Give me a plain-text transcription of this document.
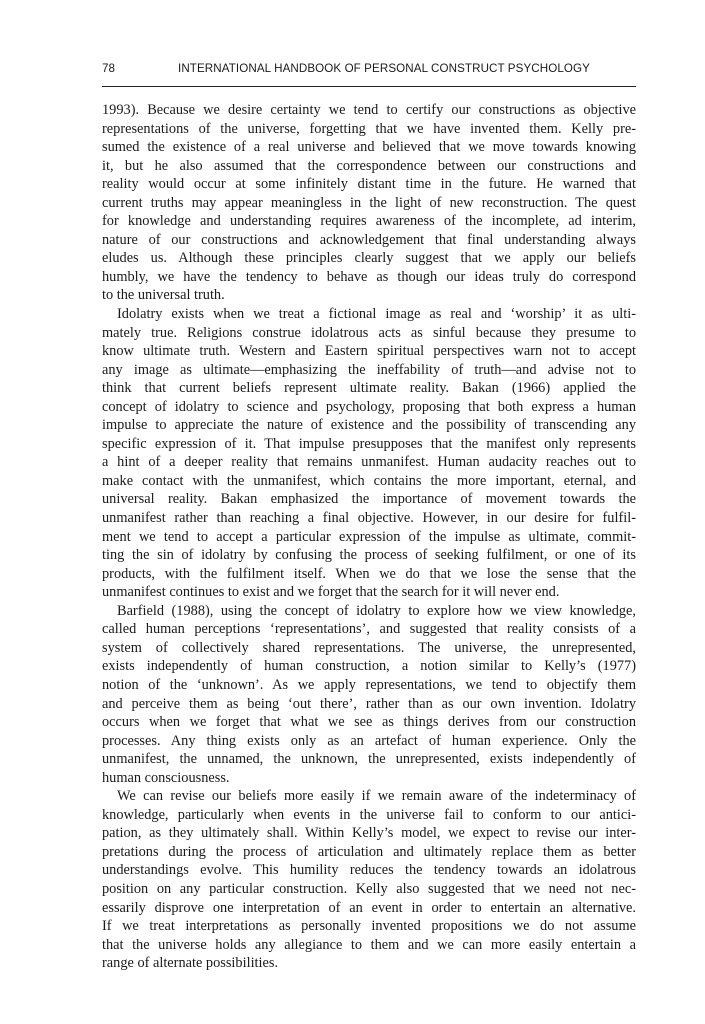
78	INTERNATIONAL HANDBOOK OF PERSONAL CONSTRUCT PSYCHOLOGY
1993). Because we desire certainty we tend to certify our constructions as objective
representations of the universe, forgetting that we have invented them. Kelly pre-
sumed the existence of a real universe and believed that we move towards knowing
it, but he also assumed that the correspondence between our constructions and
reality would occur at some infinitely distant time in the future. He warned that
current truths may appear meaningless in the light of new reconstruction. The quest
for knowledge and understanding requires awareness of the incomplete, ad interim,
nature of our constructions and acknowledgement that final understanding always
eludes us. Although these principles clearly suggest that we apply our beliefs
humbly, we have the tendency to behave as though our ideas truly do correspond
to the universal truth.
Idolatry exists when we treat a fictional image as real and ‘worship’ it as ulti-
mately true. Religions construe idolatrous acts as sinful because they presume to
know ultimate truth. Western and Eastern spiritual perspectives warn not to accept
any image as ultimate—emphasizing the ineffability of truth—and advise not to
think that current beliefs represent ultimate reality. Bakan (1966) applied the
concept of idolatry to science and psychology, proposing that both express a human
impulse to appreciate the nature of existence and the possibility of transcending any
specific expression of it. That impulse presupposes that the manifest only represents
a hint of a deeper reality that remains unmanifest. Human audacity reaches out to
make contact with the unmanifest, which contains the more important, eternal, and
universal reality. Bakan emphasized the importance of movement towards the
unmanifest rather than reaching a final objective. However, in our desire for fulfil-
ment we tend to accept a particular expression of the impulse as ultimate, commit-
ting the sin of idolatry by confusing the process of seeking fulfilment, or one of its
products, with the fulfilment itself. When we do that we lose the sense that the
unmanifest continues to exist and we forget that the search for it will never end.
Barfield (1988), using the concept of idolatry to explore how we view knowledge,
called human perceptions ‘representations’, and suggested that reality consists of a
system of collectively shared representations. The universe, the unrepresented,
exists independently of human construction, a notion similar to Kelly’s (1977)
notion of the ‘unknown’. As we apply representations, we tend to objectify them
and perceive them as being ‘out there’, rather than as our own invention. Idolatry
occurs when we forget that what we see as things derives from our construction
processes. Any thing exists only as an artefact of human experience. Only the
unmanifest, the unnamed, the unknown, the unrepresented, exists independently of
human consciousness.
We can revise our beliefs more easily if we remain aware of the indeterminacy of
knowledge, particularly when events in the universe fail to conform to our antici-
pation, as they ultimately shall. Within Kelly’s model, we expect to revise our inter-
pretations during the process of articulation and ultimately replace them as better
understandings evolve. This humility reduces the tendency towards an idolatrous
position on any particular construction. Kelly also suggested that we need not nec-
essarily disprove one interpretation of an event in order to entertain an alternative.
If we treat interpretations as personally invented propositions we do not assume
that the universe holds any allegiance to them and we can more easily entertain a
range of alternate possibilities.
